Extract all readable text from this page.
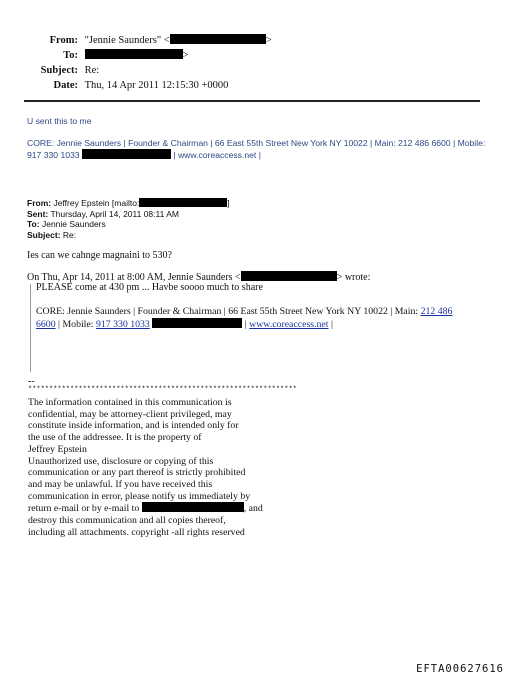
From: "Jennie Saunders" <	>
To:	>
Subject: Re:
Date: Thu, 14 Apr 2011 12:15:30 +0000
U sent this to me
CORE: Jennie Saunders | Founder & Chairman | 66 East 55th Street New York NY 10022 | Main: 212 486 6600 | Mobile:
917 330 1033	| www.coreaccess.net |
From: Jeffrey Epstein [mailto:	]
Sent: Thursday, April 14, 2011 08:11 AM
To: Jennie Saunders
Subject: Re:
Ies can we cahnge magnaini to 530?
On Thu, Apr 14, 2011 at 8:00 AM, Jennie Saunders <	> wrote:
PLEASE come at 430 pm ... Havbe soooo much to share
CORE: Jennie Saunders | Founder & Chairman | 66 East 55th Street New York NY 10022 | Main: 212 486
6600 | Mobile: 917 330 1033	| www.coreaccess.net |
--
****************************************************************
The information contained in this communication is
confidential, may be attorney-client privileged, may
constitute inside information, and is intended only for
the use of the addressee. It is the property of
Jeffrey Epstein
Unauthorized use, disclosure or copying of this
communication or any part thereof is strictly prohibited
and may be unlawful. If you have received this
communication in error, please notify us immediately by
return e-mail or by e-mail to	, and
destroy this communication and all copies thereof,
including all attachments. copyright -all rights reserved
EFTA00627616
